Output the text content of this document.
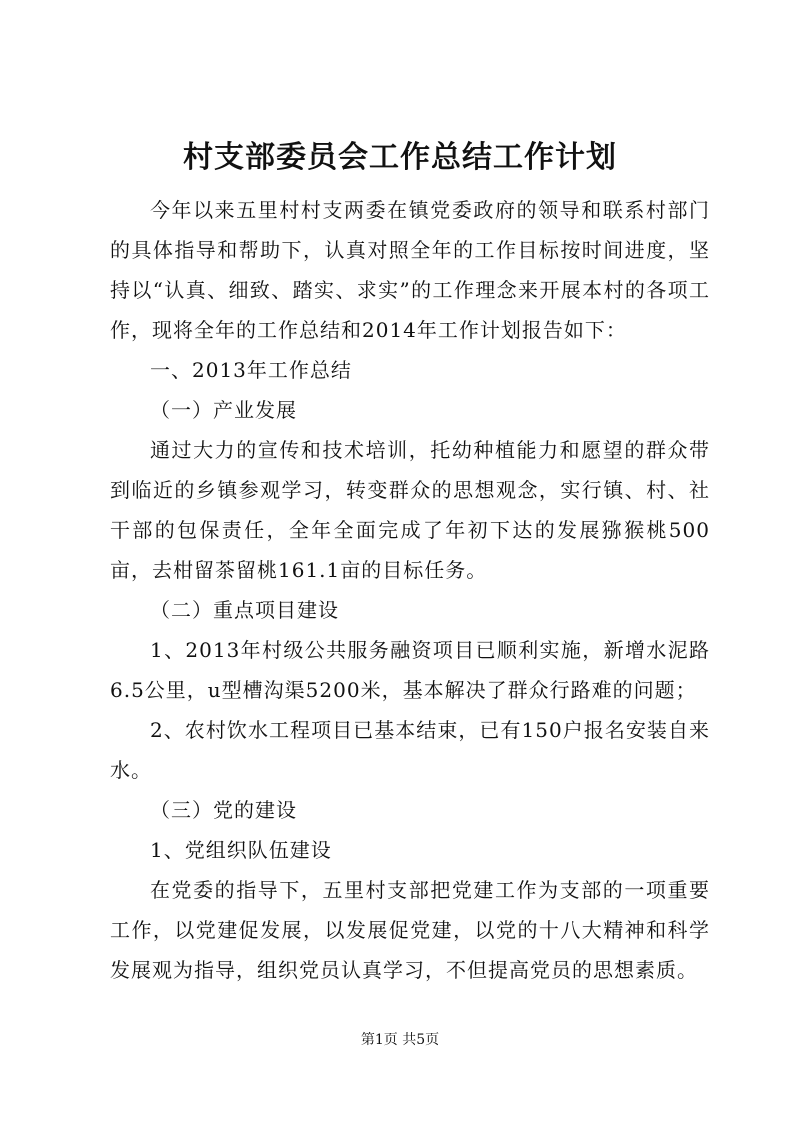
村支部委员会工作总结工作计划

今年以来五里村村支两委在镇党委政府的领导和联系村部门的具体指导和帮助下，认真对照全年的工作目标按时间进度，坚持以“认真、细致、踏实、求实”的工作理念来开展本村的各项工作，现将全年的工作总结和2014年工作计划报告如下：

一、2013年工作总结

（一）产业发展

通过大力的宣传和技术培训，托幼种植能力和愿望的群众带到临近的乡镇参观学习，转变群众的思想观念，实行镇、村、社干部的包保责任，全年全面完成了年初下达的发展猕猴桃500亩，去柑留茶留桃161.1亩的目标任务。

（二）重点项目建设

1、2013年村级公共服务融资项目已顺利实施，新增水泥路6.5公里，u型槽沟渠5200米，基本解决了群众行路难的问题；

2、农村饮水工程项目已基本结束，已有150户报名安装自来水。

（三）党的建设

1、党组织队伍建设

在党委的指导下，五里村支部把党建工作为支部的一项重要工作，以党建促发展，以发展促党建，以党的十八大精神和科学发展观为指导，组织党员认真学习，不但提高党员的思想素质。

第1页 共5页
